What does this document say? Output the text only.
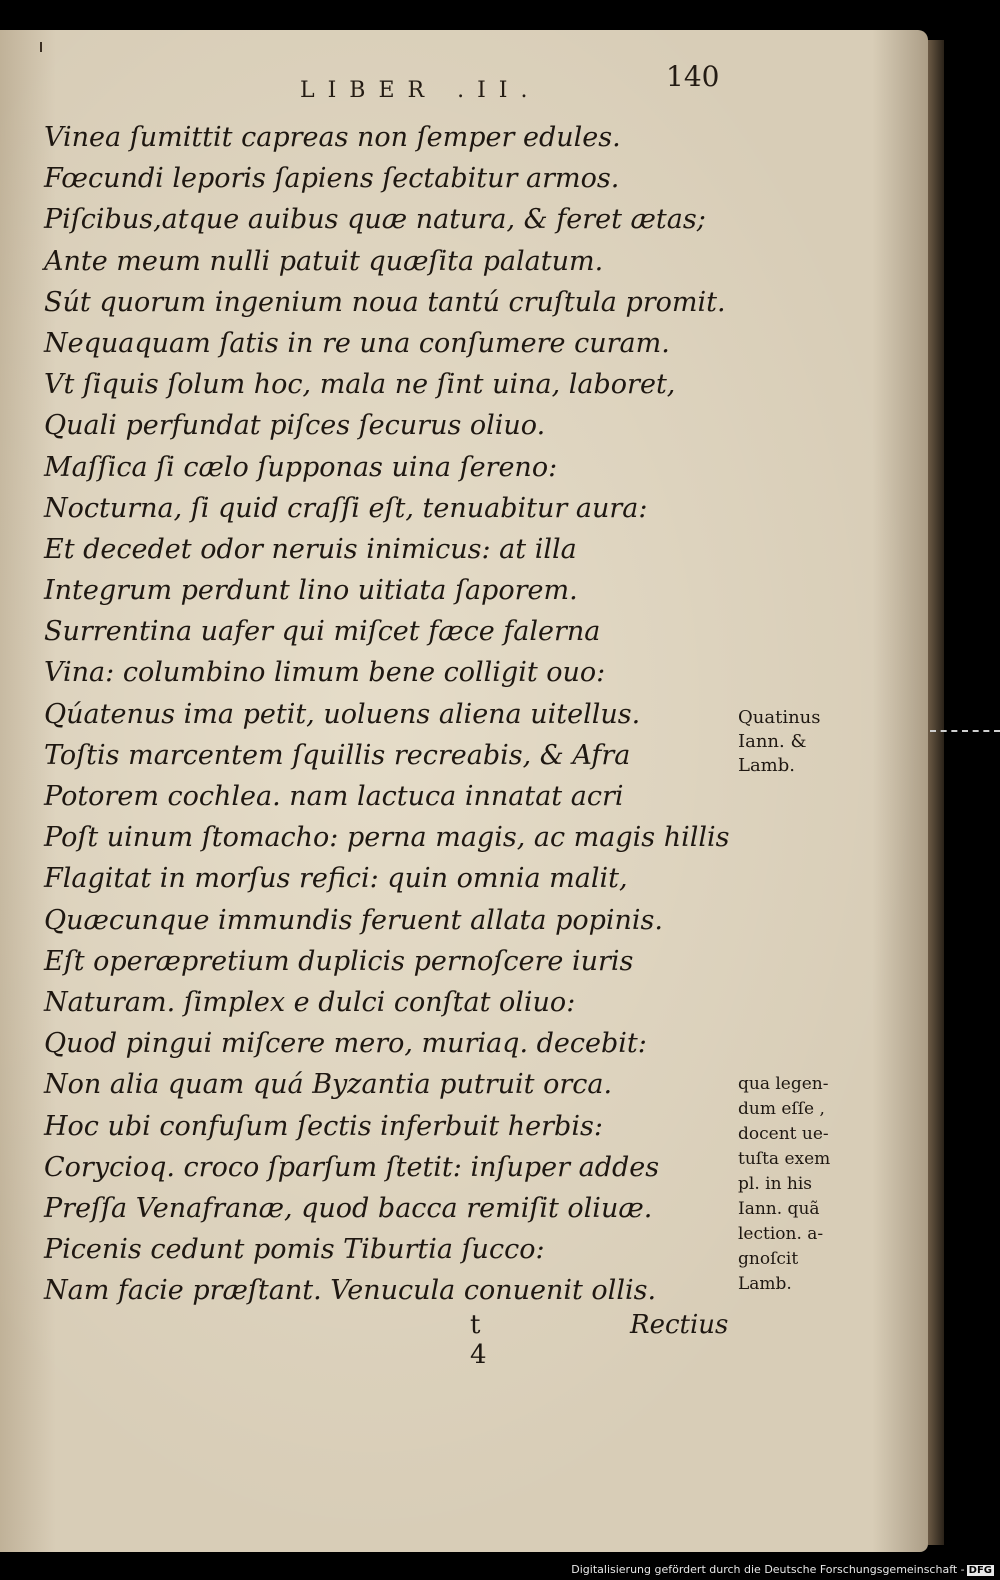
LIBER .II.	140
Vinea ſumittit capreas non ſemper edules.
Fœcundi leporis ſapiens ſectabitur armos.
Piſcibus,atque auibus quæ natura, & feret ætas;
Ante meum nulli patuit quæſita palatum.
Sút quorum ingenium noua tantú cruſtula promit.
Nequaquam ſatis in re una conſumere curam.
Vt ſiquis ſolum hoc, mala ne ſint uina, laboret,
Quali perfundat piſces ſecurus oliuo.
Maſſica ſi cælo ſupponas uina ſereno:
Nocturna, ſi quid craſſi eſt, tenuabitur aura:
Et decedet odor neruis inimicus: at illa
Integrum perdunt lino uitiata ſaporem.
Surrentina uafer qui miſcet fæce falerna
Vina: columbino limum bene colligit ouo:
Qúatenus ima petit, uoluens aliena uitellus.
Toſtis marcentem ſquillis recreabis, & Afra
Potorem cochlea. nam lactuca innatat acri
Poſt uinum ſtomacho: perna magis, ac magis hillis
Flagitat in morſus refici: quin omnia malit,
Quæcunque immundis feruent allata popinis.
Eſt operæpretium duplicis pernoſcere iuris
Naturam. ſimplex e dulci conſtat oliuo:
Quod pingui miſcere mero, muriaq. decebit:
Non alia quam quá Byzantia putruit orca.
Hoc ubi confuſum ſectis inferbuit herbis:
Corycioq. croco ſparſum ſtetit: inſuper addes
Preſſa Venafranæ, quod bacca remiſit oliuæ.
Picenis cedunt pomis Tiburtia ſucco:
Nam facie præſtant. Venucula conuenit ollis.
Quatinus
Iann. &
Lamb.
qua legen-
dum eſſe ,
docent ue-
tuſta exem
pl. in his
Iann. quã
lection. a-
gnoſcit
Lamb.
t 4
Rectius
Digitalisierung gefördert durch die Deutsche Forschungsgemeinschaft - DFG
